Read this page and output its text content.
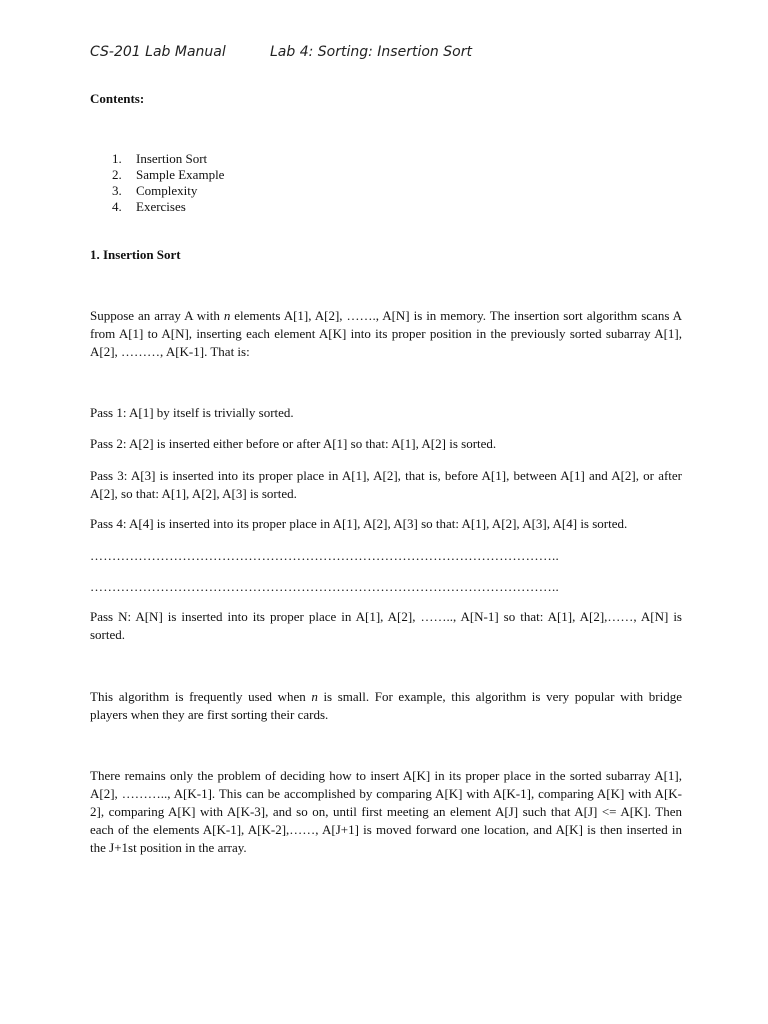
CS-201 Lab Manual	Lab 4: Sorting: Insertion Sort
Contents:
1. Insertion Sort
2. Sample Example
3. Complexity
4. Exercises
1. Insertion Sort
Suppose an array A with n elements A[1], A[2], ……., A[N] is in memory. The insertion sort algorithm scans A from A[1] to A[N], inserting each element A[K] into its proper position in the previously sorted subarray A[1], A[2], ………, A[K-1]. That is:
Pass 1: A[1] by itself is trivially sorted.
Pass 2: A[2] is inserted either before or after A[1] so that: A[1], A[2] is sorted.
Pass 3: A[3] is inserted into its proper place in A[1], A[2], that is, before A[1], between A[1] and A[2], or after A[2], so that: A[1], A[2], A[3] is sorted.
Pass 4: A[4] is inserted into its proper place in A[1], A[2], A[3] so that: A[1], A[2], A[3], A[4] is sorted.
……………………………………………………………………………………………..
……………………………………………………………………………………………..
Pass N: A[N] is inserted into its proper place in A[1], A[2], …….., A[N-1] so that: A[1], A[2],……, A[N] is sorted.
This algorithm is frequently used when n is small. For example, this algorithm is very popular with bridge players when they are first sorting their cards.
There remains only the problem of deciding how to insert A[K] in its proper place in the sorted subarray A[1], A[2], ……….., A[K-1]. This can be accomplished by comparing A[K] with A[K-1], comparing A[K] with A[K-2], comparing A[K] with A[K-3], and so on, until first meeting an element A[J] such that A[J] <= A[K]. Then each of the elements A[K-1], A[K-2],……, A[J+1] is moved forward one location, and A[K] is then inserted in the J+1st position in the array.
